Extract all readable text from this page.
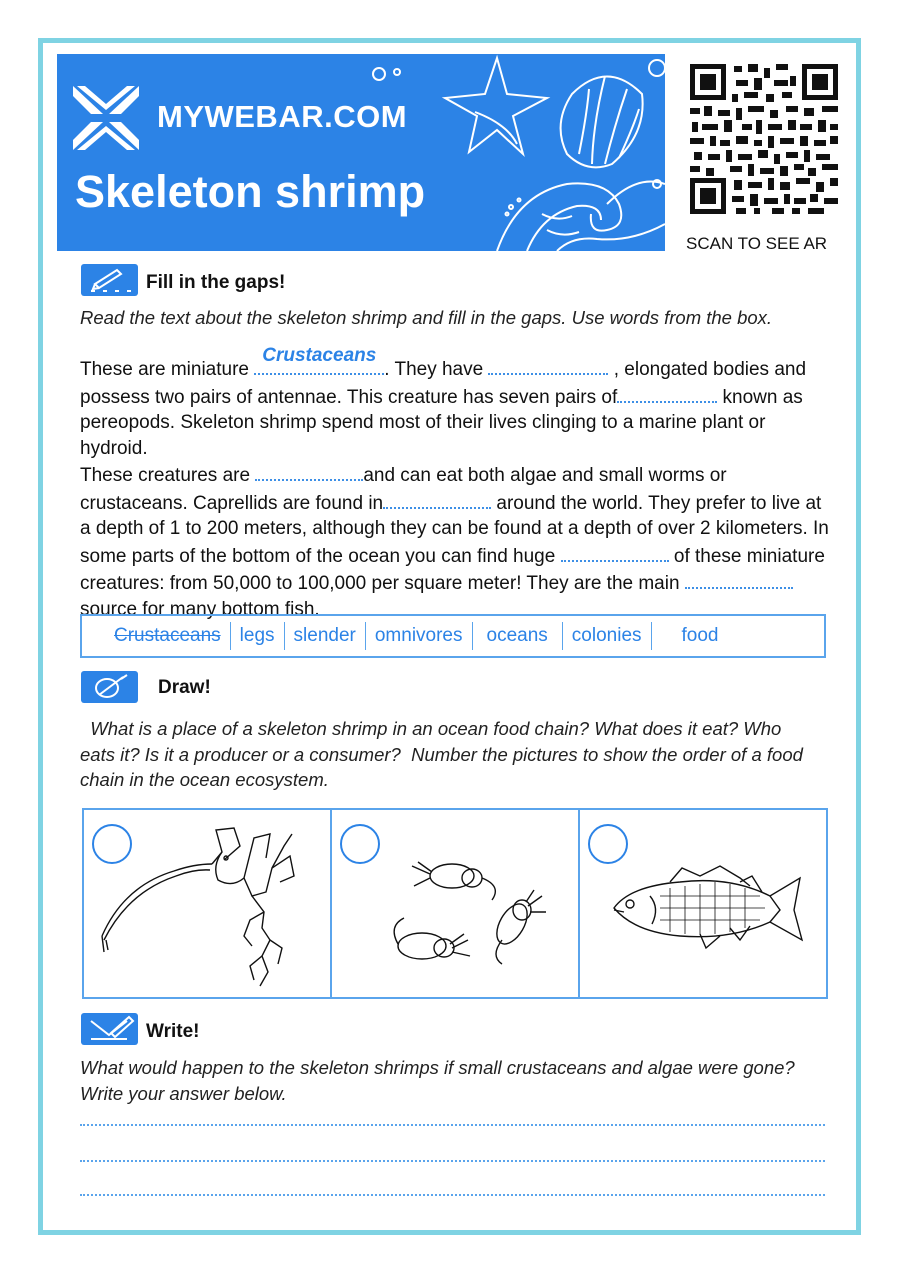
MYWEBAR.COM
Skeleton shrimp
SCAN TO SEE AR
Fill in the gaps!
Read the text about the skeleton shrimp and fill in the gaps. Use words from the box.
These are miniature
Crustaceans
. They have	, elongated bodies and possess two pairs of antennae. This creature has seven pairs of	known as pereopods. Skeleton shrimp spend most of their lives clinging to a marine plant or hydroid.
These creatures are	and can eat both algae and small worms or crustaceans. Caprellids are found in	around the world. They prefer to live at a depth of 1 to 200 meters, although they can be found at a depth of over 2 kilometers. In some parts of the bottom of the ocean you can find huge	of these miniature creatures: from 50,000 to 100,000 per square meter! They are the main  source for many bottom fish.
Crustaceans	legs	slender	omnivores	oceans	colonies	food
Draw!
What is a place of a skeleton shrimp in an ocean food chain? What does it eat? Who eats it? Is it a producer or a consumer?  Number the pictures to show the order of a food chain in the ocean ecosystem.
Write!
What would happen to the skeleton shrimps if small crustaceans and algae were gone? Write your answer below.
